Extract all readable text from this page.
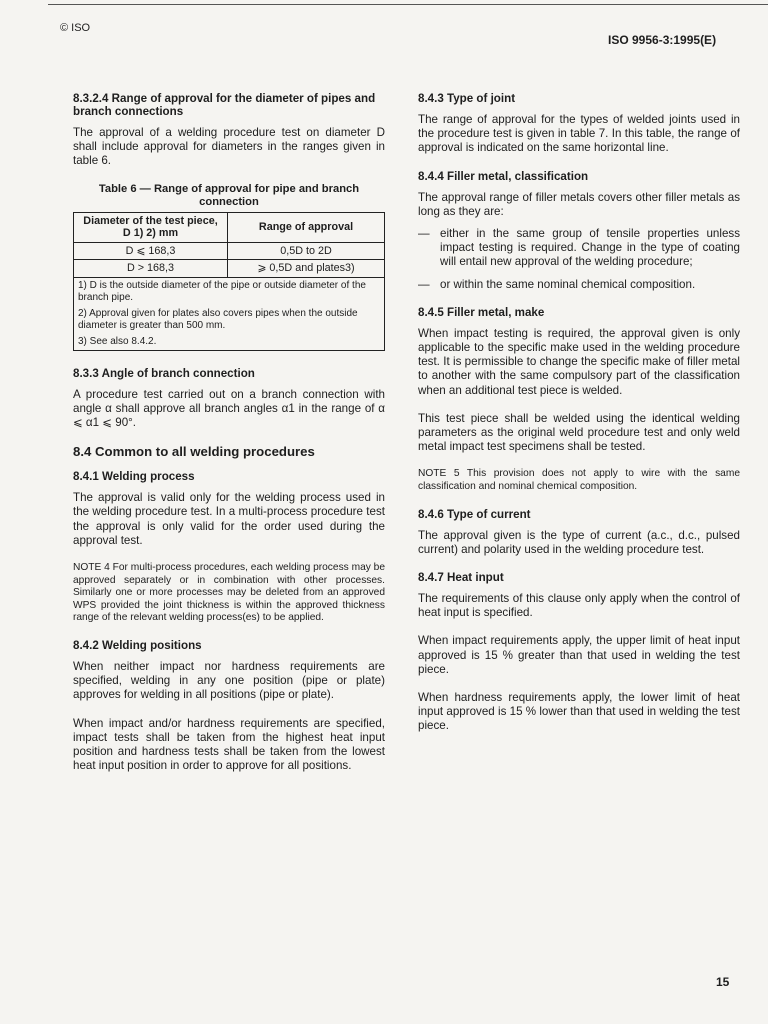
© ISO
ISO 9956-3:1995(E)
8.3.2.4 Range of approval for the diameter of pipes and branch connections

The approval of a welding procedure test on diameter D shall include approval for diameters in the ranges given in table 6.

Table 6 — Range of approval for pipe and branch connection
Diameter of the test piece, D 1) 2) mm	Range of approval
D ⩽ 168,3	0,5D to 2D
D > 168,3	⩾ 0,5D and plates3)
1) D is the outside diameter of the pipe or outside diameter of the branch pipe.	
2) Approval given for plates also covers pipes when the outside diameter is greater than 500 mm.	
3) See also 8.4.2.	
8.3.3 Angle of branch connection

A procedure test carried out on a branch connection with angle α shall approve all branch angles α1 in the range of α ⩽ α1 ⩽ 90°.

8.4 Common to all welding procedures
8.4.1 Welding process

The approval is valid only for the welding process used in the welding procedure test. In a multi-process procedure test the approval is only valid for the order used during the approval test.

NOTE 4 For multi-process procedures, each welding process may be approved separately or in combination with other processes. Similarly one or more processes may be deleted from an approved WPS provided the joint thickness is within the approved thickness range of the relevant welding process(es) to be applied.
8.4.2 Welding positions

When neither impact nor hardness requirements are specified, welding in any one position (pipe or plate) approves for welding in all positions (pipe or plate).

When impact and/or hardness requirements are specified, impact tests shall be taken from the highest heat input position and hardness tests shall be taken from the lowest heat input position in order to approve for all positions.

8.4.3 Type of joint

The range of approval for the types of welded joints used in the procedure test is given in table 7. In this table, the range of approval is indicated on the same horizontal line.

8.4.4 Filler metal, classification

The approval range of filler metals covers other filler metals as long as they are:

— either in the same group of tensile properties unless impact testing is required. Change in the type of coating will entail new approval of the welding procedure;
— or within the same nominal chemical composition.
8.4.5 Filler metal, make

When impact testing is required, the approval given is only applicable to the specific make used in the welding procedure test. It is permissible to change the specific make of filler metal to another with the same compulsory part of the classification when an additional test piece is welded.

This test piece shall be welded using the identical welding parameters as the original weld procedure test and only weld metal impact test specimens shall be tested.

NOTE 5 This provision does not apply to wire with the same classification and nominal chemical composition.
8.4.6 Type of current

The approval given is the type of current (a.c., d.c., pulsed current) and polarity used in the welding procedure test.

8.4.7 Heat input

The requirements of this clause only apply when the control of heat input is specified.

When impact requirements apply, the upper limit of heat input approved is 15 % greater than that used in welding the test piece.

When hardness requirements apply, the lower limit of heat input approved is 15 % lower than that used in welding the test piece.

15
